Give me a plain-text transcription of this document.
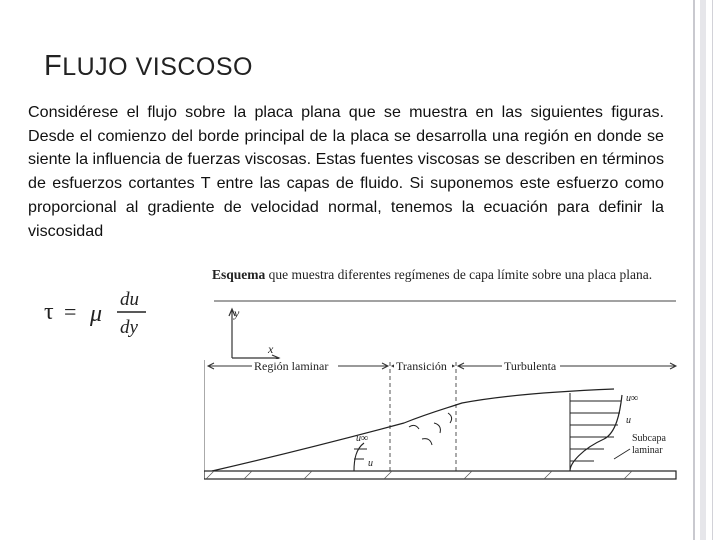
FLUJO VISCOSO

Considérese el flujo sobre la placa plana que se muestra en las siguientes figuras. Desde el comienzo del borde principal de la placa se desarrolla una región en donde se siente la influencia de fuerzas viscosas. Estas fuentes viscosas se describen en términos de esfuerzos cortantes T entre las capas de fluido. Si suponemos este esfuerzo como proporcional al gradiente de velocidad normal, tenemos la ecuación para definir la viscosidad

τ = μ
du
dy
Esquema que muestra diferentes regímenes de capa límite sobre una placa plana.
y
x
Región laminar	Transición	Turbulenta
u∞
u
u∞
u
Subcapa
laminar
